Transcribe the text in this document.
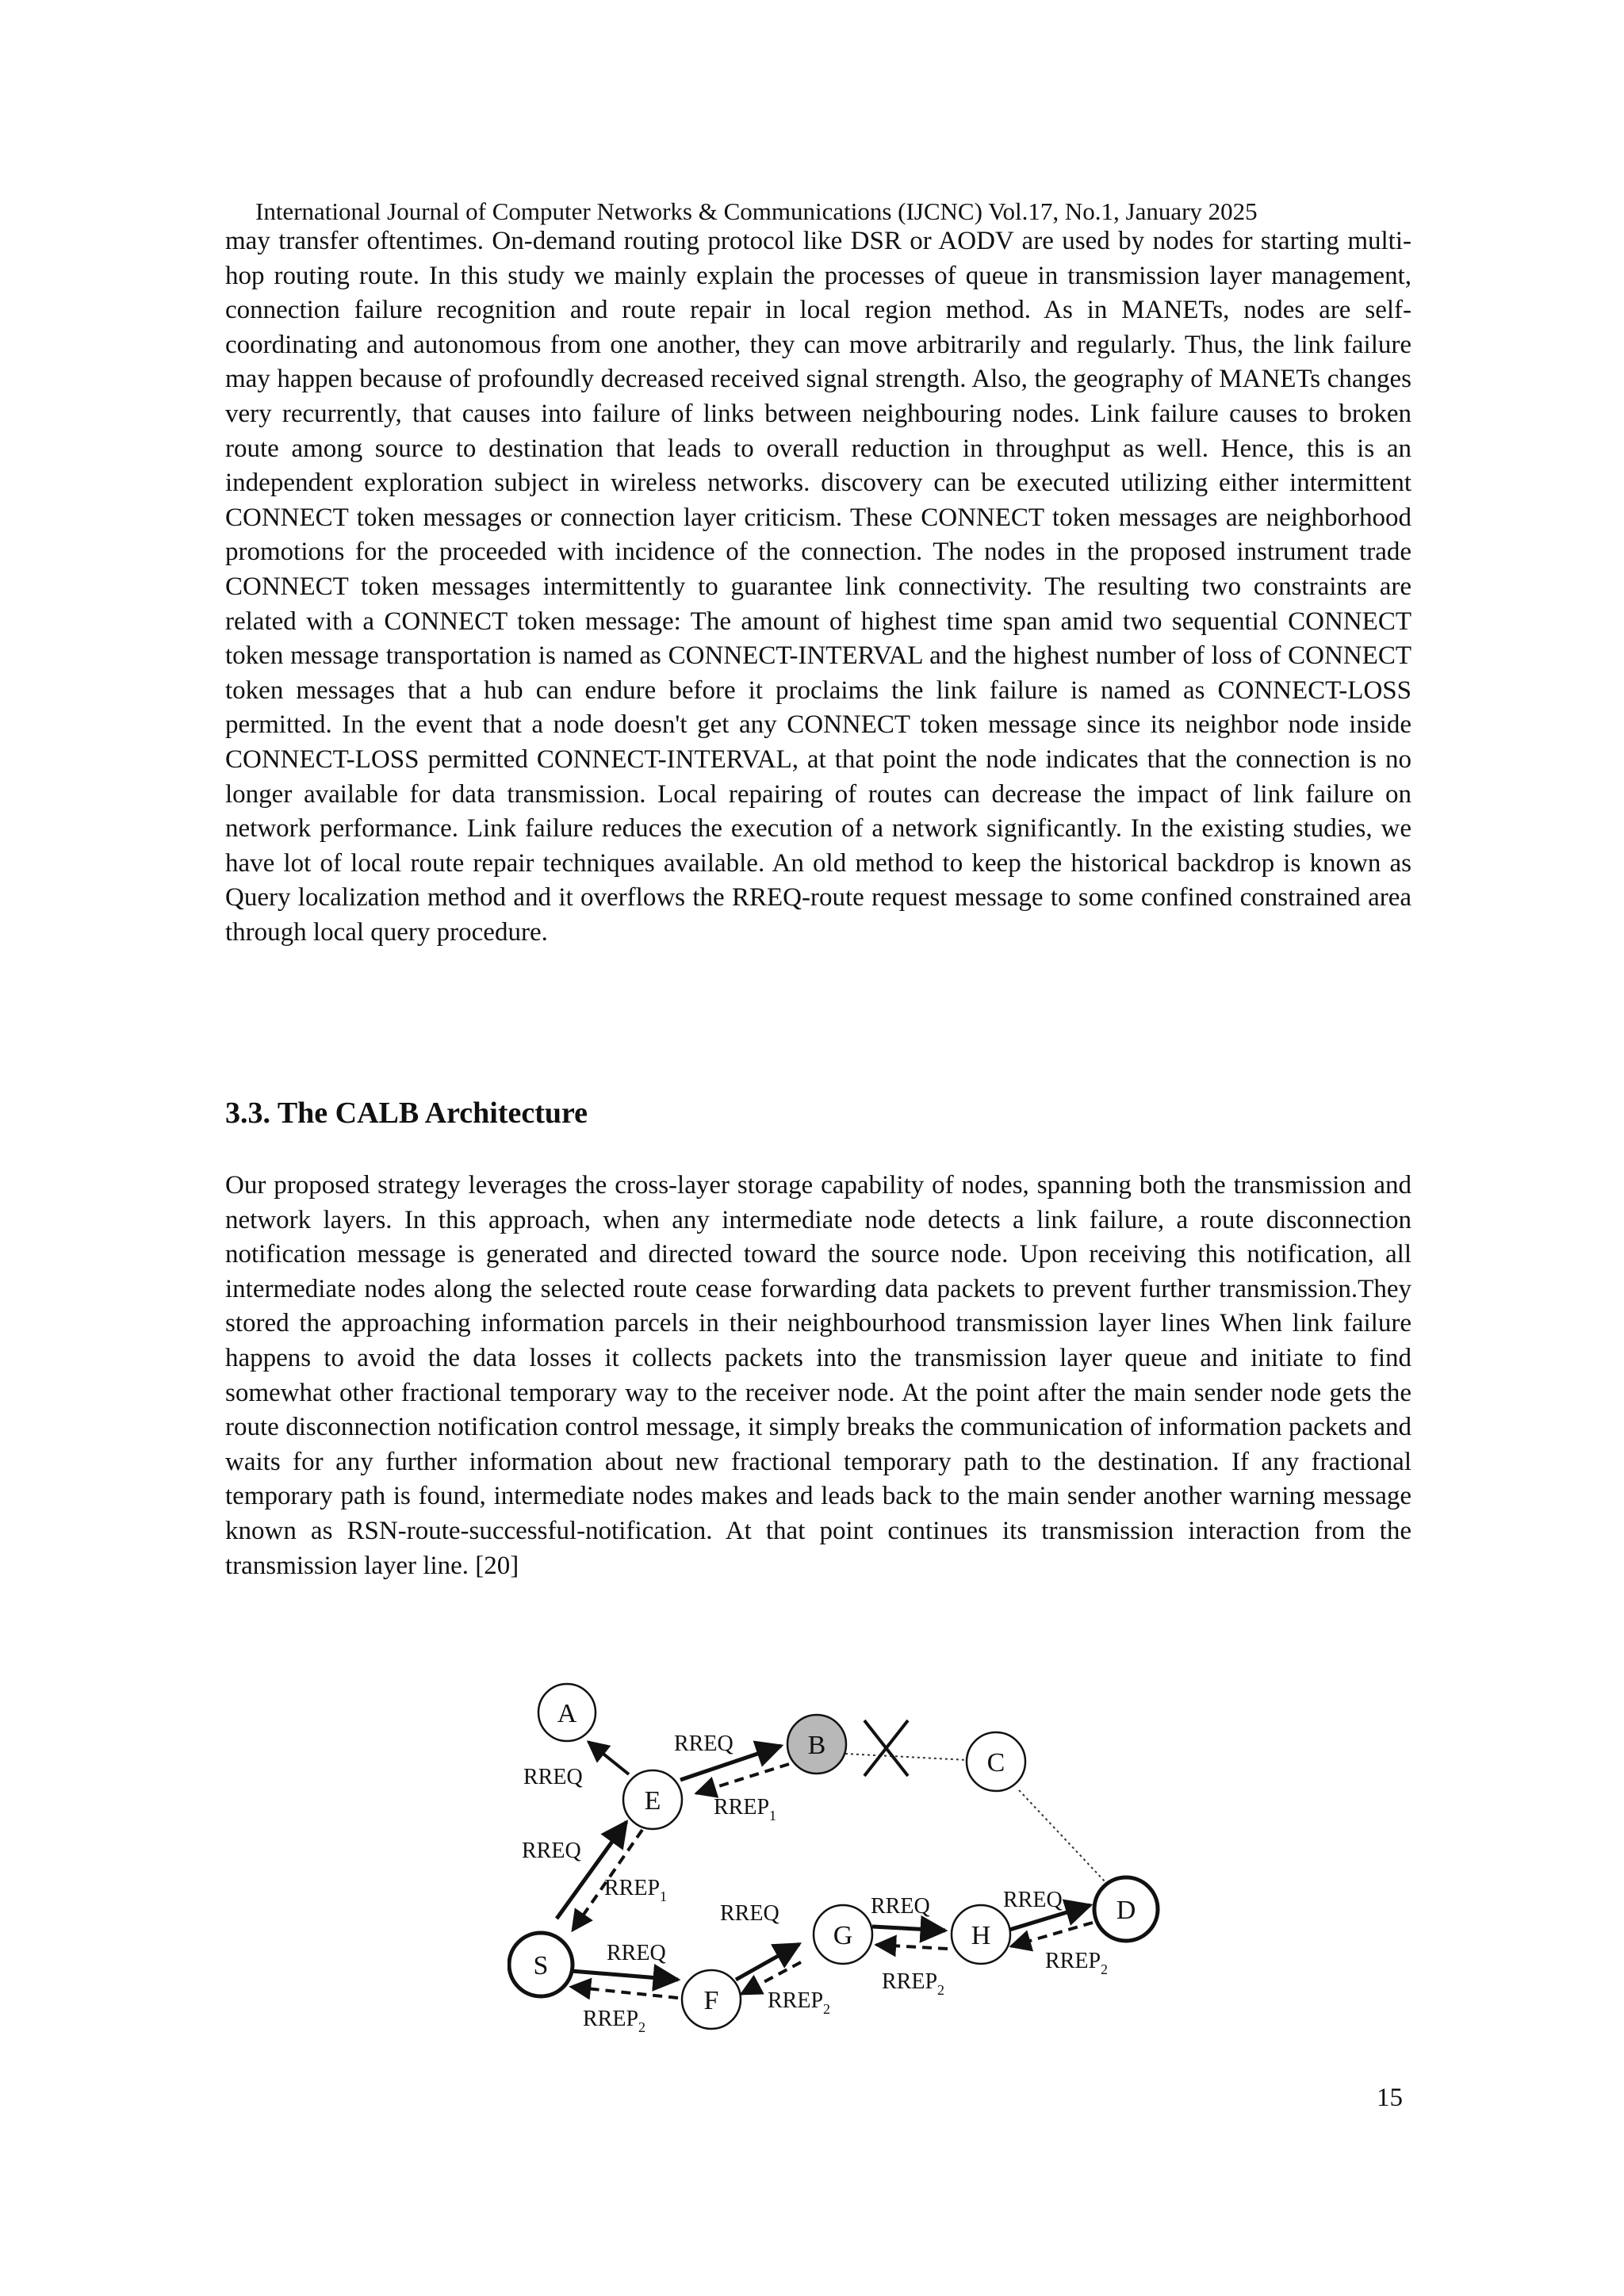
International Journal of Computer Networks & Communications (IJCNC) Vol.17, No.1, January 2025

may transfer oftentimes. On-demand routing protocol like DSR or AODV are used by nodes for starting multi-hop routing route. In this study we mainly explain the processes of queue in transmission layer management, connection failure recognition and route repair in local region method. As in MANETs, nodes are self-coordinating and autonomous from one another, they can move arbitrarily and regularly. Thus, the link failure may happen because of profoundly decreased received signal strength. Also, the geography of MANETs changes very recurrently, that causes into failure of links between neighbouring nodes. Link failure causes to broken route among source to destination that leads to overall reduction in throughput as well. Hence, this is an independent exploration subject in wireless networks. discovery can be executed utilizing either intermittent CONNECT token messages or connection layer criticism. These CONNECT token messages are neighborhood promotions for the proceeded with incidence of the connection. The nodes in the proposed instrument trade CONNECT token messages intermittently to guarantee link connectivity. The resulting two constraints are related with a CONNECT token message: The amount of highest time span amid two sequential CONNECT token message transportation is named as CONNECT-INTERVAL and the highest number of loss of CONNECT token messages that a hub can endure before it proclaims the link failure is named as CONNECT-LOSS permitted. In the event that a node doesn't get any CONNECT token message since its neighbor node inside CONNECT-LOSS permitted CONNECT-INTERVAL, at that point the node indicates that the connection is no longer available for data transmission. Local repairing of routes can decrease the impact of link failure on network performance. Link failure reduces the execution of a network significantly. In the existing studies, we have lot of local route repair techniques available. An old method to keep the historical backdrop is known as Query localization method and it overflows the RREQ-route request message to some confined constrained area through local query procedure.

3.3. The CALB Architecture

Our proposed strategy leverages the cross-layer storage capability of nodes, spanning both the transmission and network layers. In this approach, when any intermediate node detects a link failure, a route disconnection notification message is generated and directed toward the source node. Upon receiving this notification, all intermediate nodes along the selected route cease forwarding data packets to prevent further transmission.They stored the approaching information parcels in their neighbourhood transmission layer lines When link failure happens to avoid the data losses it collects packets into the transmission layer queue and initiate to find somewhat other fractional temporary way to the receiver node. At the point after the main sender node gets the route disconnection notification control message, it simply breaks the communication of information packets and waits for any further information about new fractional temporary path to the destination. If any fractional temporary path is found, intermediate nodes makes and leads back to the main sender another warning message known as RSN-route-successful-notification. At that point continues its transmission interaction from the transmission layer line. [20]

A
E
B
C
D
S
F
G	H
RREQ
RREQ
RREQ
RREQ
RREQ	RREQ	RREQ
$RREP_1$
$RREP_1$
$RREP_2$
$RREP_2$
$RREP_2$
$RREP_2$
15
